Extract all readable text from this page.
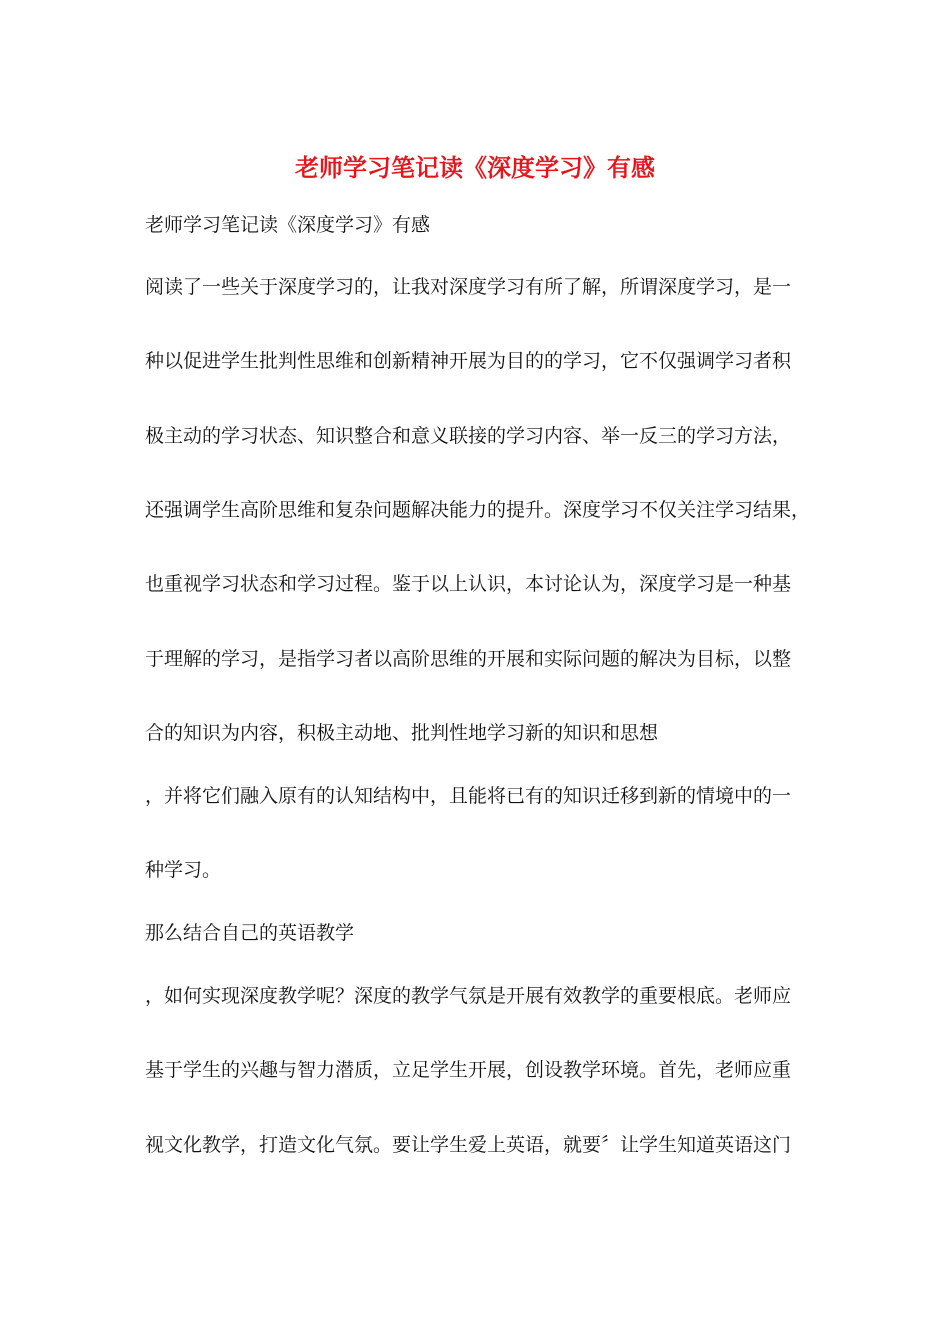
老师学习笔记读《深度学习》有感

老师学习笔记读《深度学习》有感

阅读了一些关于深度学习的，让我对深度学习有所了解，所谓深度学习，是一

种以促进学生批判性思维和创新精神开展为目的的学习，它不仅强调学习者积

极主动的学习状态、知识整合和意义联接的学习内容、举一反三的学习方法，

还强调学生高阶思维和复杂问题解决能力的提升。深度学习不仅关注学习结果，

也重视学习状态和学习过程。鉴于以上认识，本讨论认为，深度学习是一种基

于理解的学习，是指学习者以高阶思维的开展和实际问题的解决为目标，以整

合的知识为内容，积极主动地、批判性地学习新的知识和思想

，并将它们融入原有的认知结构中，且能将已有的知识迁移到新的情境中的一

种学习。

那么结合自己的英语教学

，如何实现深度教学呢？深度的教学气氛是开展有效教学的重要根底。老师应

基于学生的兴趣与智力潜质，立足学生开展，创设教学环境。首先，老师应重

视文化教学，打造文化气氛。要让学生爱上英语，就要〞让学生知道英语这门
